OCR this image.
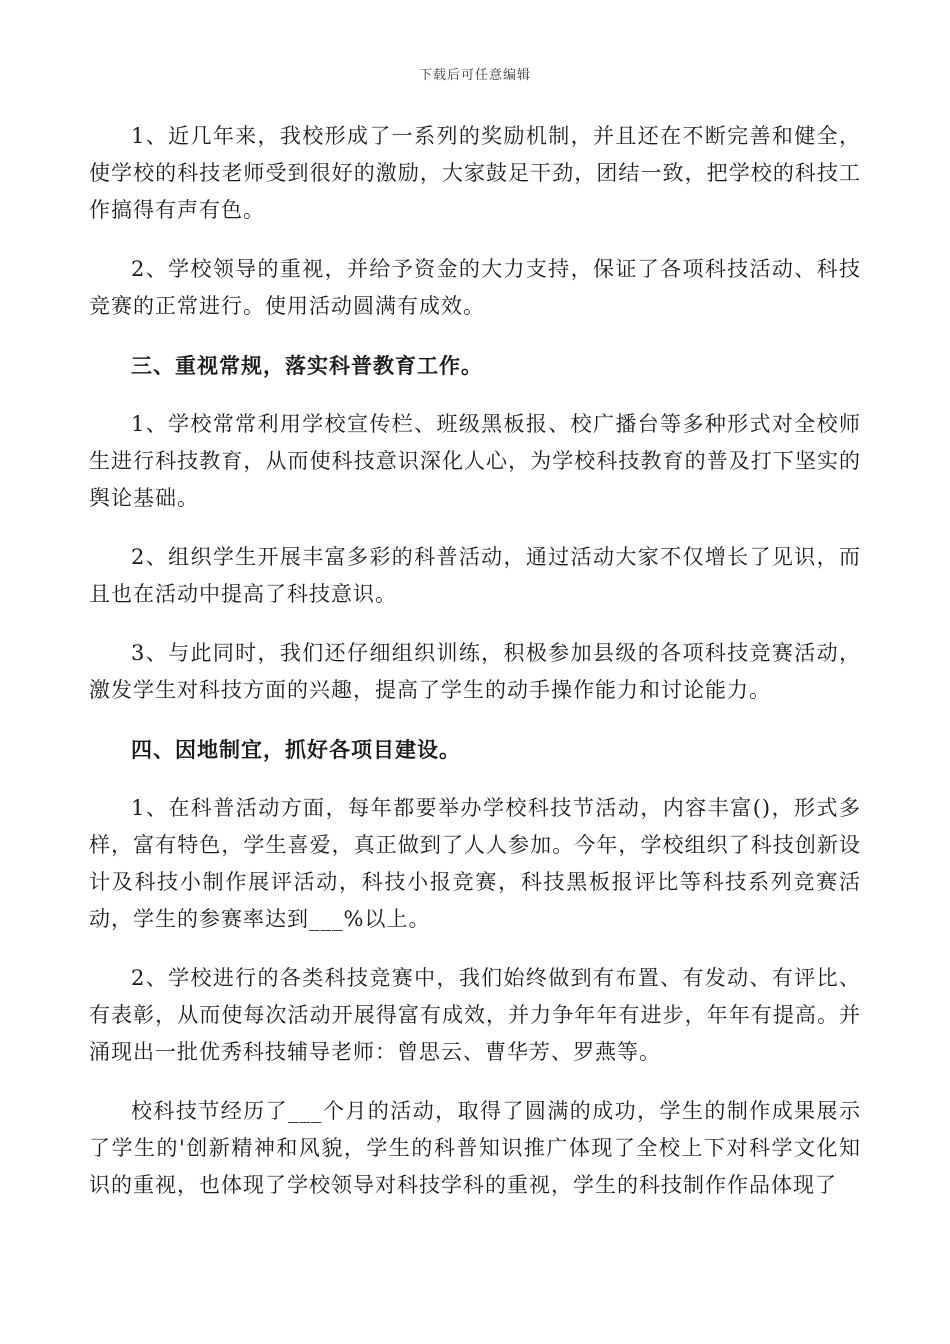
下载后可任意编辑

1、近几年来，我校形成了一系列的奖励机制，并且还在不断完善和健全，使学校的科技老师受到很好的激励，大家鼓足干劲，团结一致，把学校的科技工作搞得有声有色。

2、学校领导的重视，并给予资金的大力支持，保证了各项科技活动、科技竞赛的正常进行。使用活动圆满有成效。

三、重视常规，落实科普教育工作。

1、学校常常利用学校宣传栏、班级黑板报、校广播台等多种形式对全校师生进行科技教育，从而使科技意识深化人心，为学校科技教育的普及打下坚实的舆论基础。

2、组织学生开展丰富多彩的科普活动，通过活动大家不仅增长了见识，而且也在活动中提高了科技意识。

3、与此同时，我们还仔细组织训练，积极参加县级的各项科技竞赛活动，激发学生对科技方面的兴趣，提高了学生的动手操作能力和讨论能力。

四、因地制宜，抓好各项目建设。

1、在科普活动方面，每年都要举办学校科技节活动，内容丰富()，形式多样，富有特色，学生喜爱，真正做到了人人参加。今年，学校组织了科技创新设计及科技小制作展评活动，科技小报竞赛，科技黑板报评比等科技系列竞赛活动，学生的参赛率达到___%以上。

2、学校进行的各类科技竞赛中，我们始终做到有布置、有发动、有评比、有表彰，从而使每次活动开展得富有成效，并力争年年有进步，年年有提高。并涌现出一批优秀科技辅导老师：曾思云、曹华芳、罗燕等。

校科技节经历了___个月的活动，取得了圆满的成功，学生的制作成果展示了学生的'创新精神和风貌，学生的科普知识推广体现了全校上下对科学文化知识的重视，也体现了学校领导对科技学科的重视，学生的科技制作作品体现了
